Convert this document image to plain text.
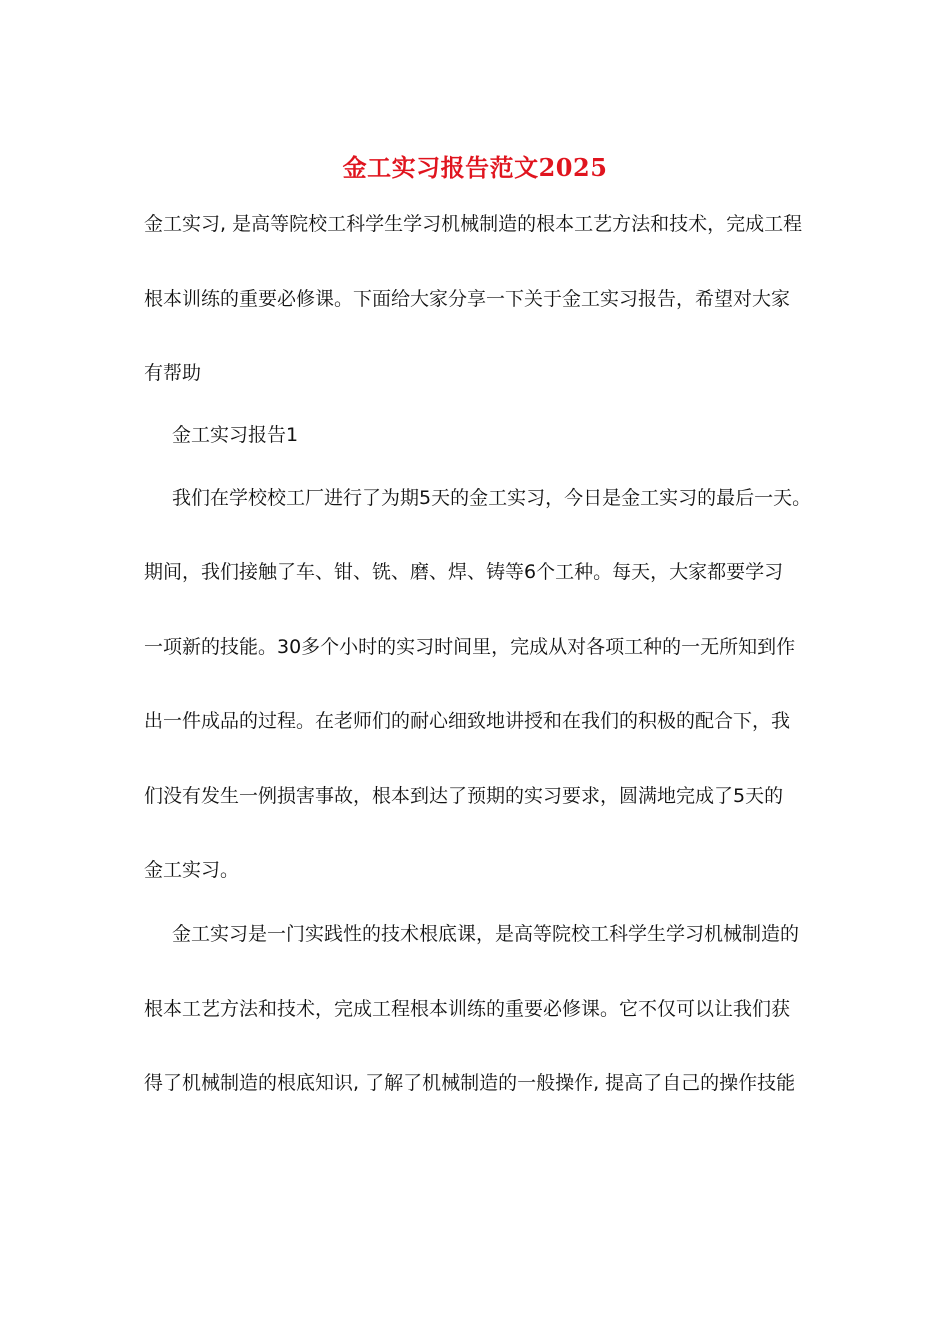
金工实习报告范文2025
金工实习, 是高等院校工科学生学习机械制造的根本工艺方法和技术，完成工程
根本训练的重要必修课。下面给大家分享一下关于金工实习报告，希望对大家
有帮助
金工实习报告1
我们在学校校工厂进行了为期5天的金工实习，今日是金工实习的最后一天。
期间，我们接触了车、钳、铣、磨、焊、铸等6个工种。每天，大家都要学习
一项新的技能。30多个小时的实习时间里，完成从对各项工种的一无所知到作
出一件成品的过程。在老师们的耐心细致地讲授和在我们的积极的配合下，我
们没有发生一例损害事故，根本到达了预期的实习要求，圆满地完成了5天的
金工实习。
金工实习是一门实践性的技术根底课，是高等院校工科学生学习机械制造的
根本工艺方法和技术，完成工程根本训练的重要必修课。它不仅可以让我们获
得了机械制造的根底知识, 了解了机械制造的一般操作, 提高了自己的操作技能
